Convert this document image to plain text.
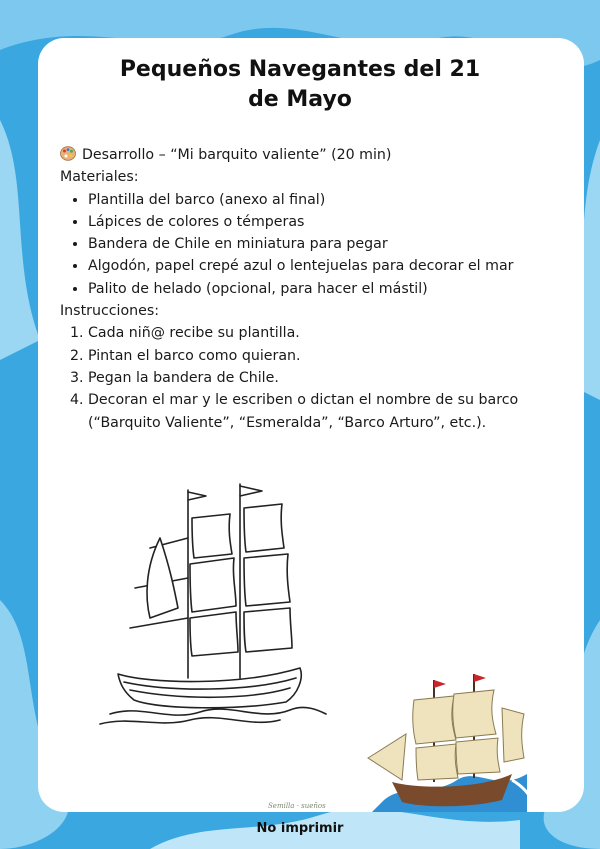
Pequeños Navegantes del 21
de Mayo

Desarrollo – “Mi barquito valiente” (20 min)

Materiales:

• Plantilla del barco (anexo al final)
• Lápices de colores o témperas
• Bandera de Chile en miniatura para pegar
• Algodón, papel crepé azul o lentejuelas para decorar el mar
• Palito de helado (opcional, para hacer el mástil)

Instrucciones:

1. Cada niñ@ recibe su plantilla.
2. Pintan el barco como quieran.
3. Pegan la bandera de Chile.
4. Decoran el mar y le escriben o dictan el nombre de su barco (“Barquito Valiente”, “Esmeralda”, “Barco Arturo”, etc.).
Semilla · sueños
No imprimir
